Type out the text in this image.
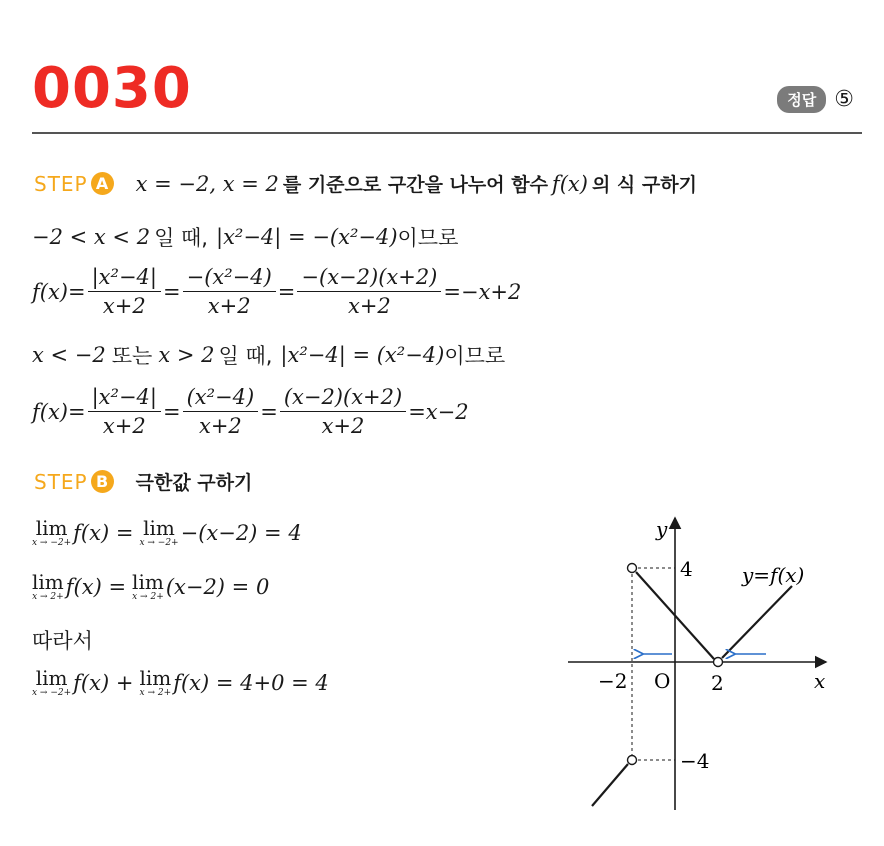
0030	정답 ⑤
STEP A x = −2, x = 2 를 기준으로 구간을 나누어 함수 f(x) 의 식 구하기
−2 < x < 2 일 때, |x²−4| = −(x²−4) 이므로
$f(x)= \frac{\text{|x²−4|}}{x+2} = \frac{\text{−(x²−4)}}{x+2} = \frac{-(x-2)(x+2)}{x+2} =-x+2$
x < −2 또는 x > 2 일 때, |x²−4| = (x²−4) 이므로
$f(x)= \frac{\text{|x²−4|}}{x+2} = \frac{\text{(x²−4)}}{x+2} = \frac{(x-2)(x+2)}{x+2} =x-2$
STEP B 극한값 구하기
lim
x → −2+ f(x) = lim
x → −2+ −(x−2) = 4
lim
x → 2+ f(x) = lim
x → 2+ (x−2) = 0
따라서
lim
x → −2+ f(x) + lim
x → 2+ f(x) = 4+0 = 4
y
x
O
−2	2
4
−4
y=f(x)
